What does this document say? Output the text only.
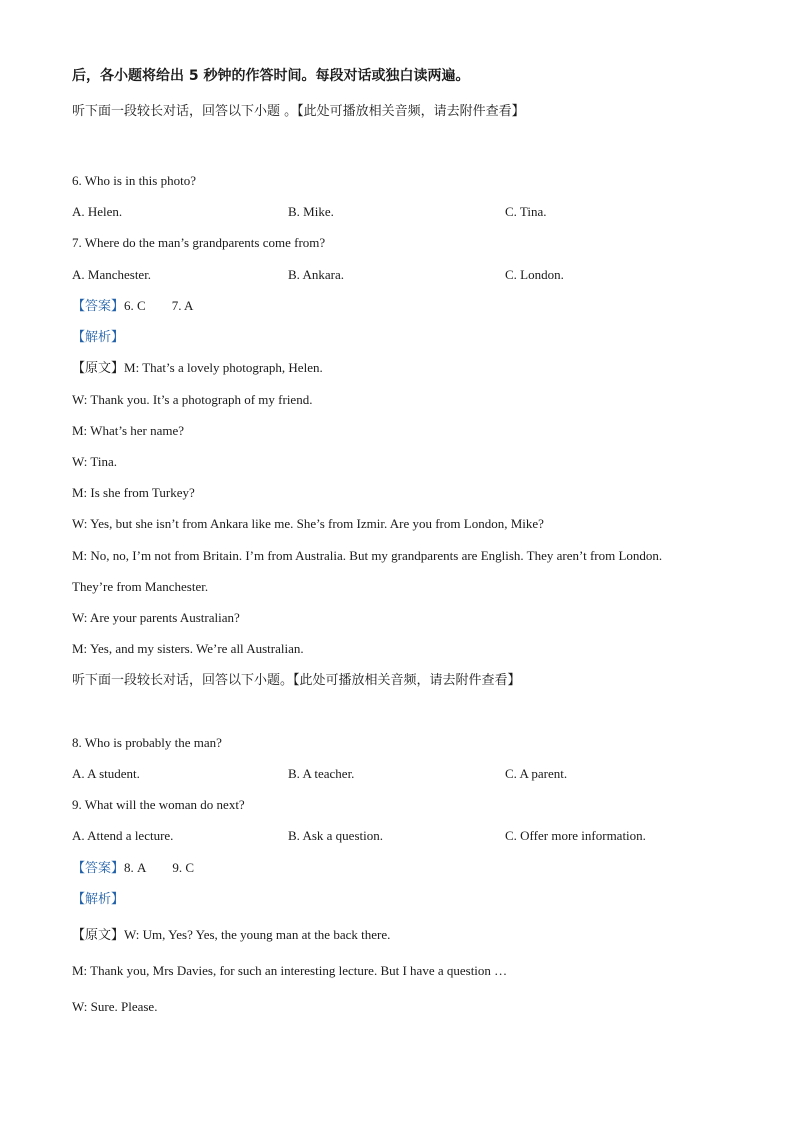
后，各小题将给出 5 秒钟的作答时间。每段对话或独白读两遍。
听下面一段较长对话，回答以下小题 。【此处可播放相关音频，请去附件查看】
6. Who is in this photo?
A. Helen.	B. Mike.	C. Tina.
7. Where do the man’s grandparents come from?
A. Manchester.	B. Ankara.	C. London.
【答案】6. C 7. A
【解析】
【原文】M: That’s a lovely photograph, Helen.
W: Thank you. It’s a photograph of my friend.
M: What’s her name?
W: Tina.
M: Is she from Turkey?
W: Yes, but she isn’t from Ankara like me. She’s from Izmir. Are you from London, Mike?
M: No, no, I’m not from Britain. I’m from Australia. But my grandparents are English. They aren’t from London.
They’re from Manchester.
W: Are your parents Australian?
M: Yes, and my sisters. We’re all Australian.
听下面一段较长对话，回答以下小题。【此处可播放相关音频，请去附件查看】
8. Who is probably the man?
A. A student.	B. A teacher.	C. A parent.
9. What will the woman do next?
A. Attend a lecture.	B. Ask a question.	C. Offer more information.
【答案】8. A 9. C
【解析】
【原文】W: Um, Yes? Yes, the young man at the back there.
M: Thank you, Mrs Davies, for such an interesting lecture. But I have a question …
W: Sure. Please.
